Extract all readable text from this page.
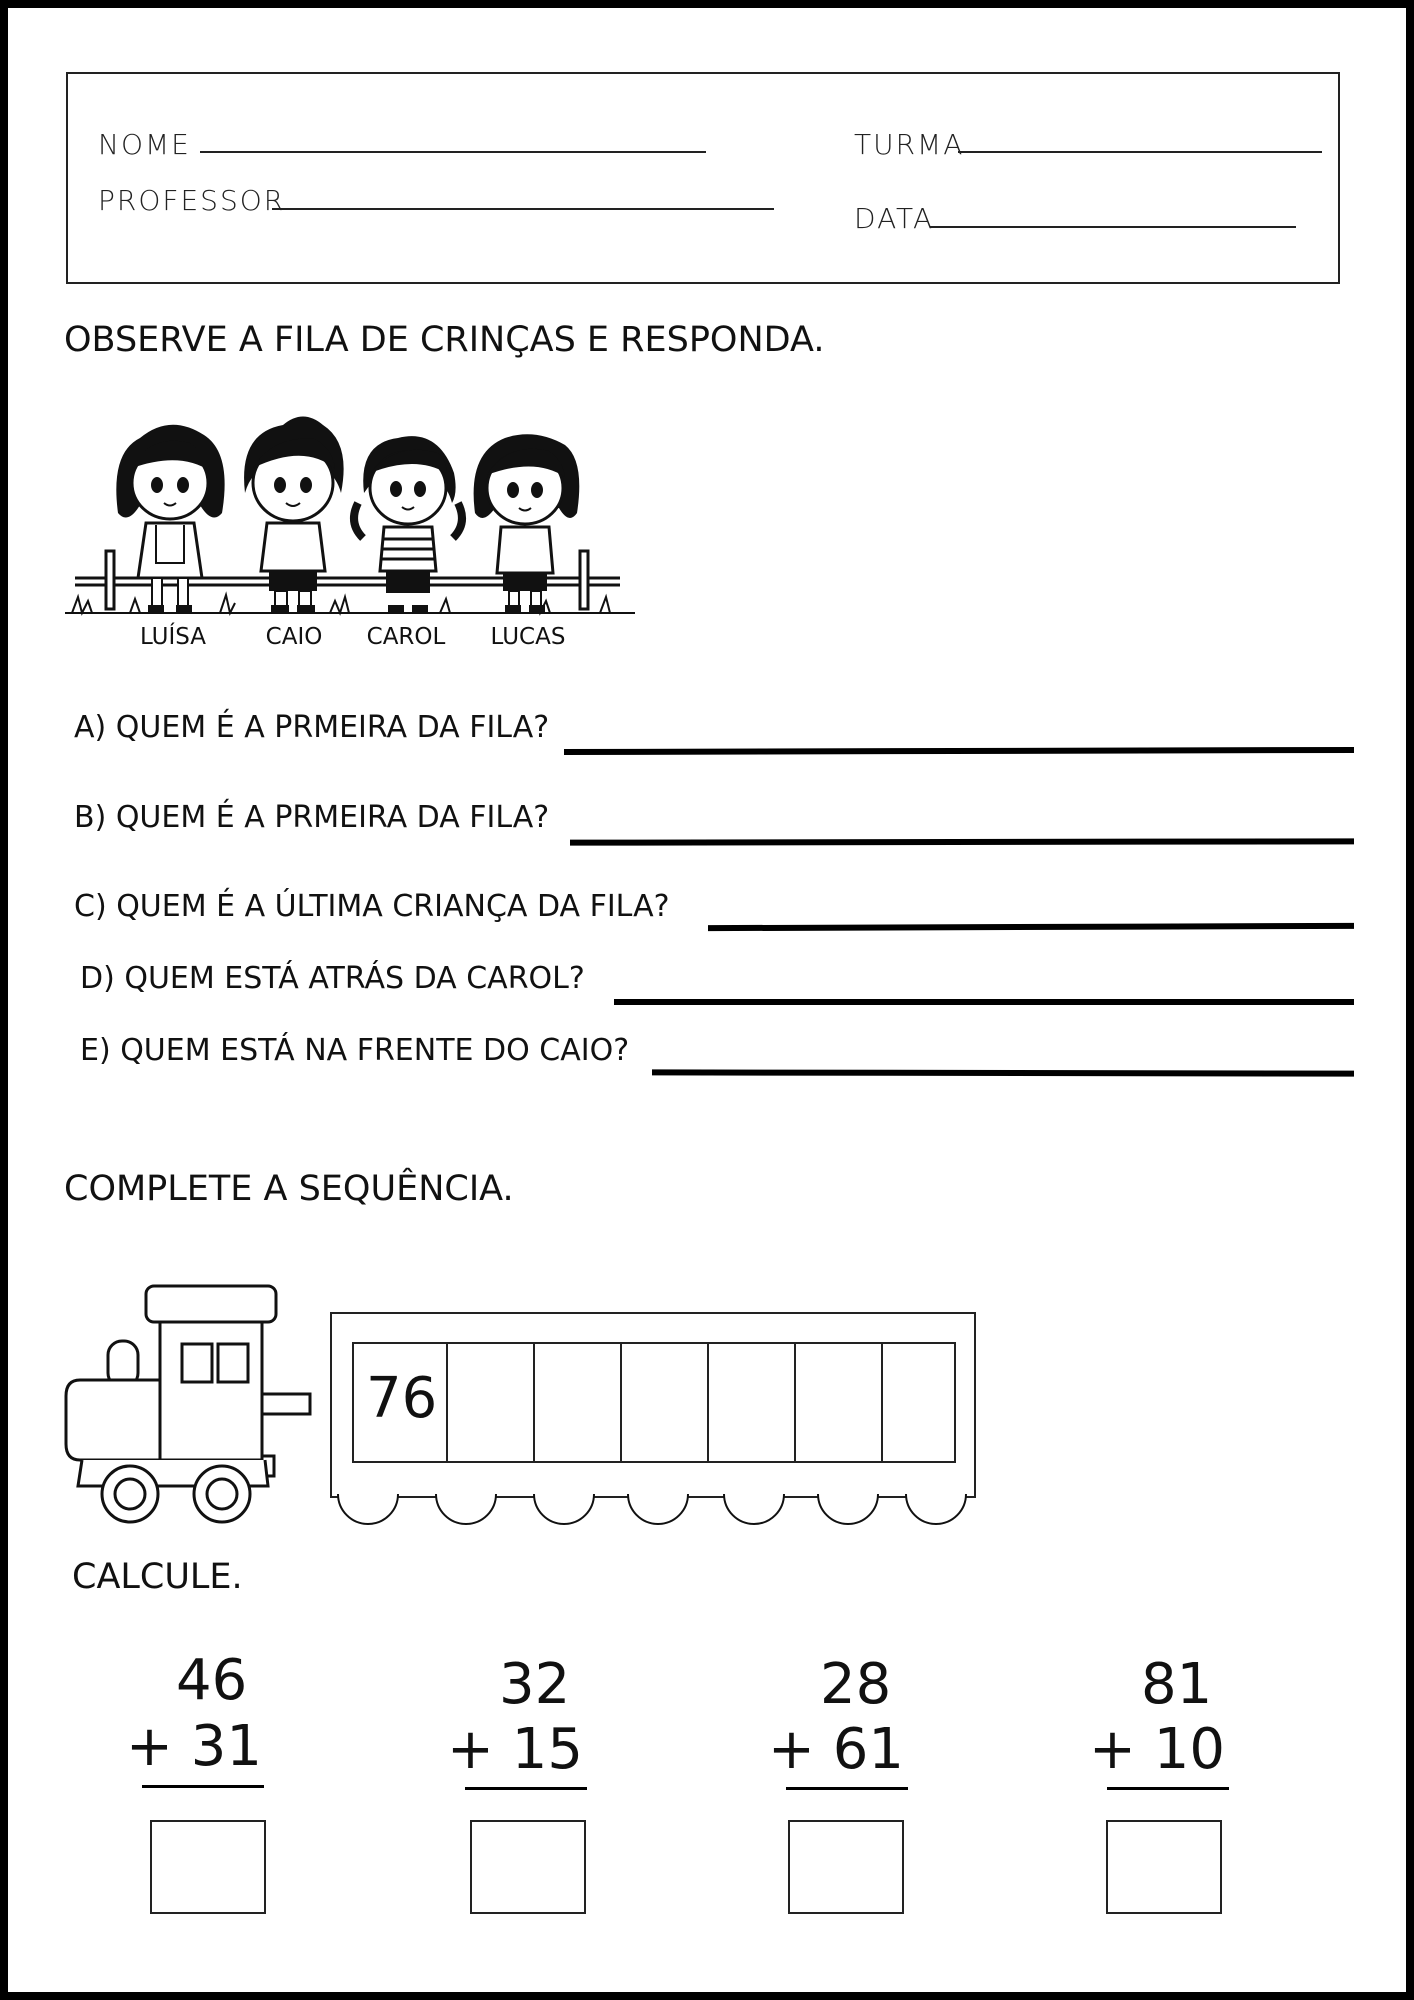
NOME
PROFESSOR
TURMA
DATA
OBSERVE A FILA DE CRINÇAS E RESPONDA.
LUÍSA	CAIO	CAROL	LUCAS
A) QUEM É A PRMEIRA DA FILA?
B) QUEM É A PRMEIRA DA FILA?
C) QUEM É A ÚLTIMA CRIANÇA DA FILA?
D) QUEM ESTÁ ATRÁS DA CAROL?
E) QUEM ESTÁ NA FRENTE DO CAIO?
COMPLETE A SEQUÊNCIA.
76
CALCULE.
46
+ 31
32
+ 15
28
+ 61
81
+ 10
